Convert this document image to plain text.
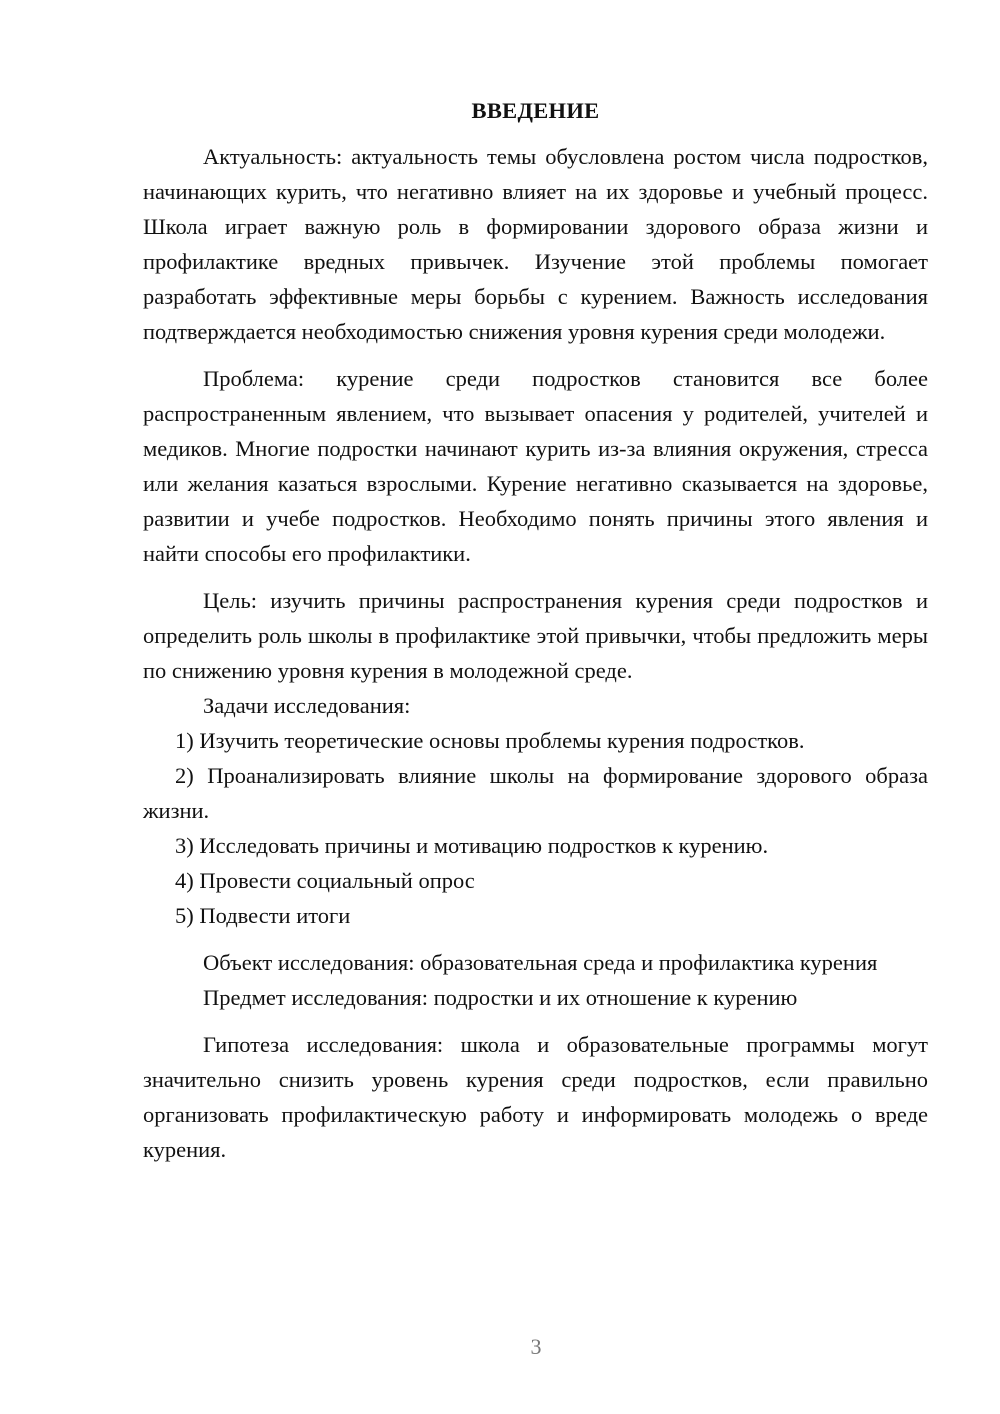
ВВЕДЕНИЕ

Актуальность: актуальность темы обусловлена ростом числа подростков, начинающих курить, что негативно влияет на их здоровье и учебный процесс. Школа играет важную роль в формировании здорового образа жизни и профилактике вредных привычек. Изучение этой проблемы помогает разработать эффективные меры борьбы с курением. Важность исследования подтверждается необходимостью снижения уровня курения среди молодежи.

Проблема: курение среди подростков становится все более распространенным явлением, что вызывает опасения у родителей, учителей и медиков. Многие подростки начинают курить из-за влияния окружения, стресса или желания казаться взрослыми. Курение негативно сказывается на здоровье, развитии и учебе подростков. Необходимо понять причины этого явления и найти способы его профилактики.

Цель: изучить причины распространения курения среди подростков и определить роль школы в профилактике этой привычки, чтобы предложить меры по снижению уровня курения в молодежной среде.

Задачи исследования:

1) Изучить теоретические основы проблемы курения подростков.

2) Проанализировать влияние школы на формирование здорового образа жизни.

3) Исследовать причины и мотивацию подростков к курению.

4) Провести социальный опрос

5) Подвести итоги

Объект исследования: образовательная среда и профилактика курения

Предмет исследования: подростки и их отношение к курению

Гипотеза исследования: школа и образовательные программы могут значительно снизить уровень курения среди подростков, если правильно организовать профилактическую работу и информировать молодежь о вреде курения.

3
